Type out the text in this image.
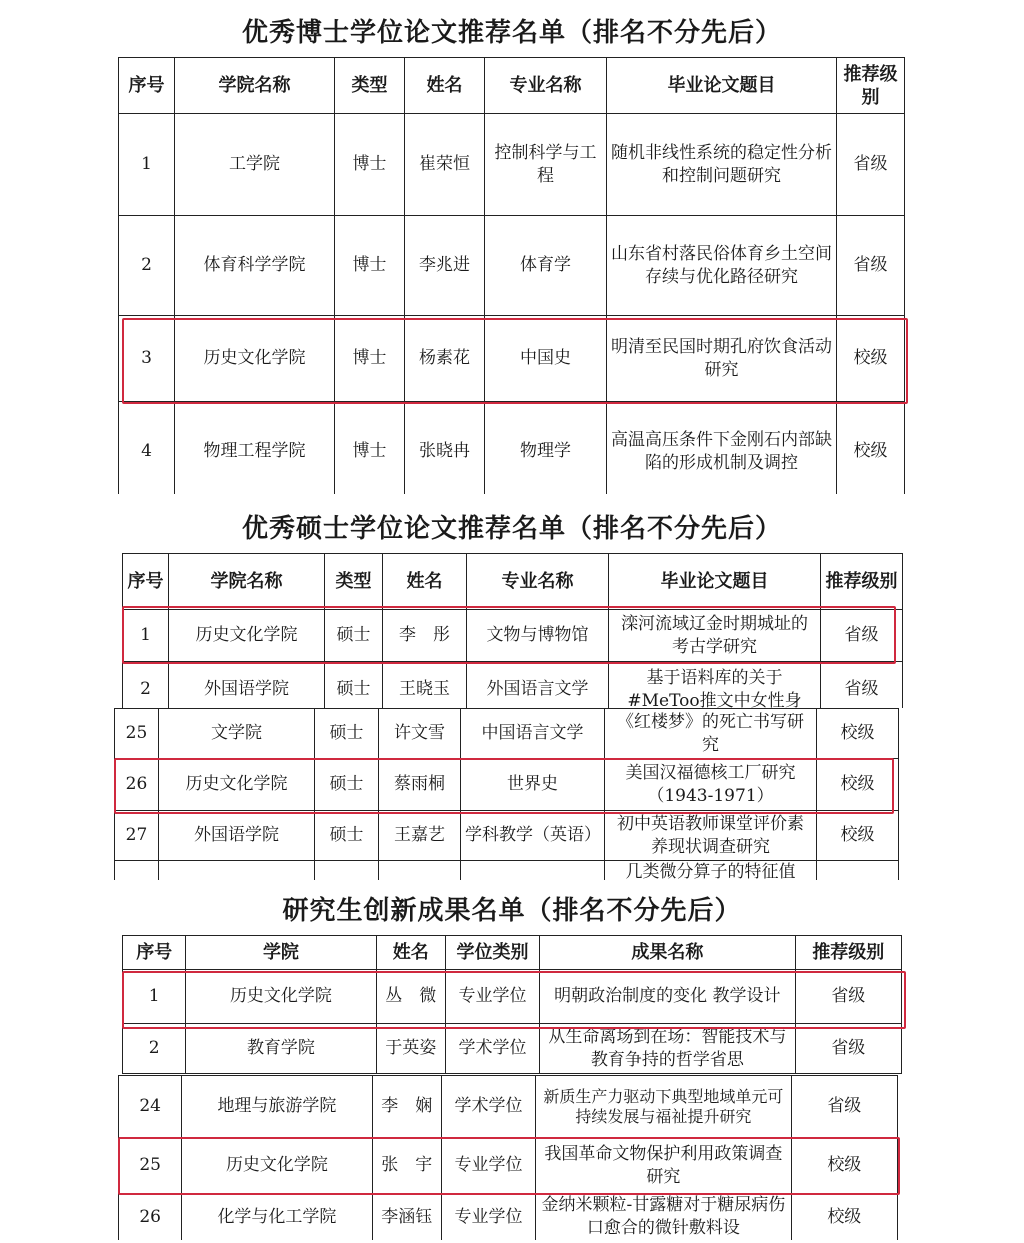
优秀博士学位论文推荐名单（排名不分先后）
序号	学院名称	类型	姓名	专业名称	毕业论文题目	推荐级别
1	工学院	博士	崔荣恒	控制科学与工程	随机非线性系统的稳定性分析和控制问题研究	省级
2	体育科学学院	博士	李兆进	体育学	山东省村落民俗体育乡土空间存续与优化路径研究	省级
3	历史文化学院	博士	杨素花	中国史	明清至民国时期孔府饮食活动研究	校级
4	物理工程学院	博士	张晓冉	物理学	高温高压条件下金刚石内部缺陷的形成机制及调控	校级
优秀硕士学位论文推荐名单（排名不分先后）
序号	学院名称	类型	姓名	专业名称	毕业论文题目	推荐级别
1	历史文化学院	硕士	李　彤	文物与博物馆	滦河流域辽金时期城址的考古学研究	省级
2	外国语学院	硕士	王晓玉	外国语言文学	基于语料库的关于#MeToo推文中女性身	省级
25	文学院	硕士	许文雪	中国语言文学	《红楼梦》的死亡书写研究	校级
26	历史文化学院	硕士	蔡雨桐	世界史	美国汉福德核工厂研究（1943-1971）	校级
27	外国语学院	硕士	王嘉艺	学科教学（英语）	初中英语教师课堂评价素养现状调查研究	校级
					几类微分算子的特征值	
研究生创新成果名单（排名不分先后）
序号	学院	姓名	学位类别	成果名称	推荐级别
1	历史文化学院	丛　微	专业学位	明朝政治制度的变化 教学设计	省级
2	教育学院	于英姿	学术学位	从生命离场到在场：智能技术与教育争持的哲学省思	省级
24	地理与旅游学院	李　娴	学术学位	新质生产力驱动下典型地域单元可持续发展与福祉提升研究	省级
25	历史文化学院	张　宇	专业学位	我国革命文物保护利用政策调查研究	校级
26	化学与化工学院	李涵钰	专业学位	金纳米颗粒-甘露糖对于糖尿病伤口愈合的微针敷料设	校级
